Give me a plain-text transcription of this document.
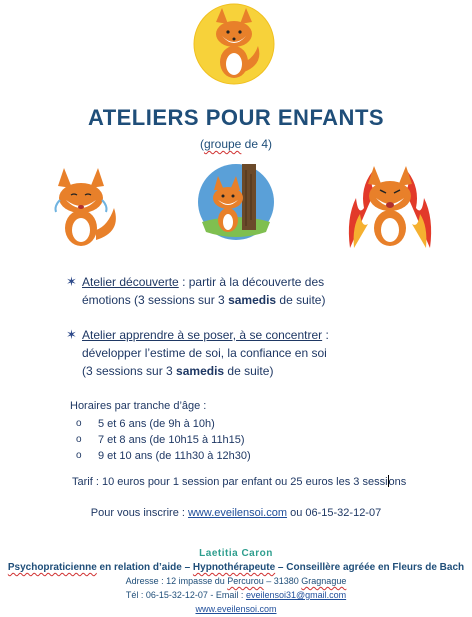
ATELIERS POUR ENFANTS
(groupe de 4)
✶ Atelier découverte : partir à la découverte des
émotions (3 sessions sur 3 samedis de suite)
✶ Atelier apprendre à se poser, à se concentrer :
développer l’estime de soi, la confiance en soi
(3 sessions sur 3 samedis de suite)
Horaires par tranche d’âge :
o 5 et 6 ans (de 9h à 10h)
o 7 et 8 ans (de 10h15 à 11h15)
o 9 et 10 ans (de 11h30 à 12h30)
Tarif : 10 euros pour 1 session par enfant ou 25 euros les 3 sessions
Pour vous inscrire : www.eveilensoi.com ou 06-15-32-12-07
Laetitia Caron
Psychopraticienne en relation d’aide – Hypnothérapeute – Conseillère agréée en Fleurs de Bach
Adresse : 12 impasse du Percurou – 31380 Gragnague
Tél : 06-15-32-12-07 - Email : eveilensoi31@gmail.com
www.eveilensoi.com
